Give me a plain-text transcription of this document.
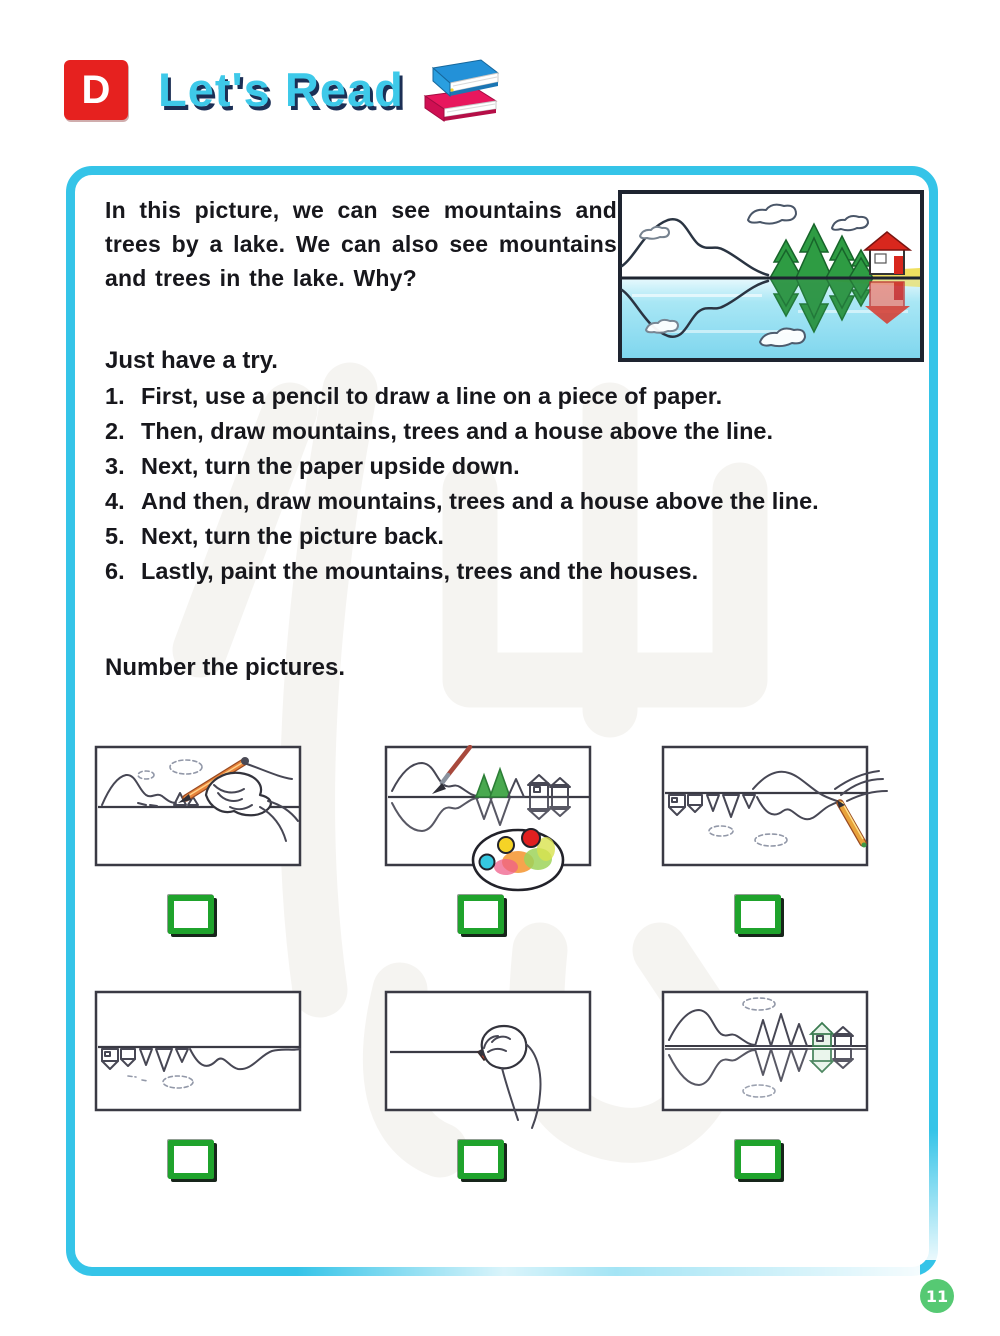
D	Let's Read

In this picture, we can see mountains and trees by a lake. We can also see mountains and trees in the lake. Why?

Just have a try.

1. First, use a pencil to draw a line on a piece of paper.
2. Then, draw mountains, trees and a house above the line.
3. Next, turn the paper upside down.
4. And then, draw mountains, trees and a house above the line.
5. Next, turn the picture back.
6. Lastly, paint the mountains, trees and the houses.

Number the pictures.

11
